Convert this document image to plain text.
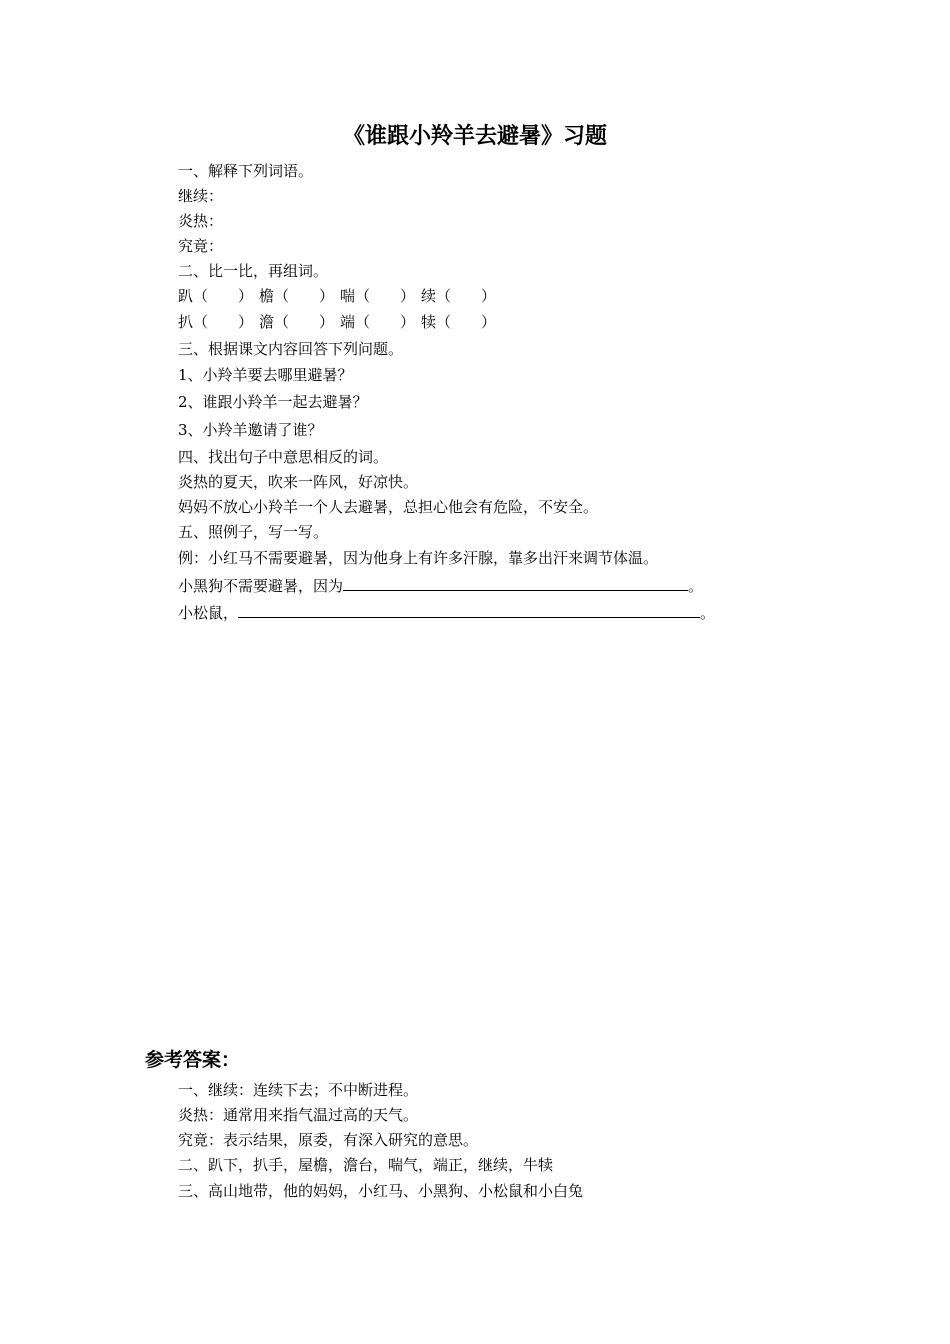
《谁跟小羚羊去避暑》习题
一、解释下列词语。
继续：
炎热：
究竟：
二、比一比，再组词。
趴（　　） 檐（　　） 喘（　　） 续（　　）
扒（　　） 澹（　　） 端（　　） 犊（　　）
三、根据课文内容回答下列问题。
1、小羚羊要去哪里避暑？
2、谁跟小羚羊一起去避暑？
3、小羚羊邀请了谁？
四、找出句子中意思相反的词。
炎热的夏天，吹来一阵风，好凉快。
妈妈不放心小羚羊一个人去避暑，总担心他会有危险，不安全。
五、照例子，写一写。
例：小红马不需要避暑，因为他身上有许多汗腺，靠多出汗来调节体温。
小黑狗不需要避暑，因为	。
小松鼠，	。
参考答案：
一、继续：连续下去；不中断进程。
炎热：通常用来指气温过高的天气。
究竟：表示结果，原委，有深入研究的意思。
二、趴下，扒手，屋檐，澹台，喘气，端正，继续，牛犊
三、高山地带，他的妈妈，小红马、小黑狗、小松鼠和小白兔
